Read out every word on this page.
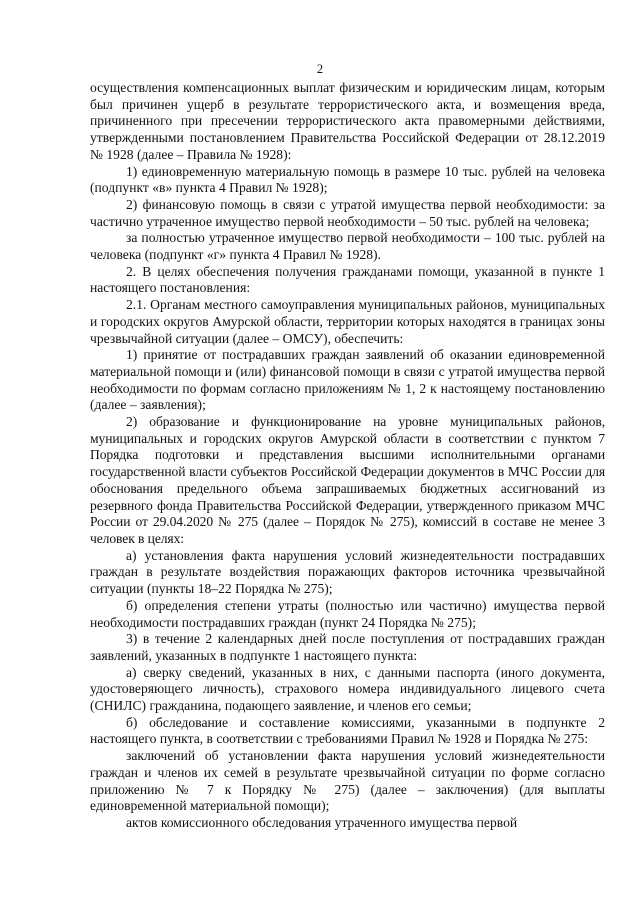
2

осуществления компенсационных выплат физическим и юридическим лицам, которым был причинен ущерб в результате террористического акта, и возмещения вреда, причиненного при пресечении террористического акта правомерными действиями, утвержденными постановлением Правительства Российской Федерации от 28.12.2019 № 1928 (далее – Правила № 1928):

1) единовременную материальную помощь в размере 10 тыс. рублей на человека (подпункт «в» пункта 4 Правил № 1928);

2) финансовую помощь в связи с утратой имущества первой необходимости: за частично утраченное имущество первой необходимости – 50 тыс. рублей на человека;

за полностью утраченное имущество первой необходимости – 100 тыс. рублей на человека (подпункт «г» пункта 4 Правил № 1928).

2. В целях обеспечения получения гражданами помощи, указанной в пункте 1 настоящего постановления:

2.1. Органам местного самоуправления муниципальных районов, муниципальных и городских округов Амурской области, территории которых находятся в границах зоны чрезвычайной ситуации (далее – ОМСУ), обеспечить:

1) принятие от пострадавших граждан заявлений об оказании единовременной материальной помощи и (или) финансовой помощи в связи с утратой имущества первой необходимости по формам согласно приложениям № 1, 2 к настоящему постановлению (далее – заявления);

2) образование и функционирование на уровне муниципальных районов, муниципальных и городских округов Амурской области в соответствии с пунктом 7 Порядка подготовки и представления высшими исполнительными органами государственной власти субъектов Российской Федерации документов в МЧС России для обоснования предельного объема запрашиваемых бюджетных ассигнований из резервного фонда Правительства Российской Федерации, утвержденного приказом МЧС России от 29.04.2020 № 275 (далее – Порядок № 275), комиссий в составе не менее 3 человек в целях:

а) установления факта нарушения условий жизнедеятельности пострадавших граждан в результате воздействия поражающих факторов источника чрезвычайной ситуации (пункты 18–22 Порядка № 275);

б) определения степени утраты (полностью или частично) имущества первой необходимости пострадавших граждан (пункт 24 Порядка № 275);

3) в течение 2 календарных дней после поступления от пострадавших граждан заявлений, указанных в подпункте 1 настоящего пункта:

а) сверку сведений, указанных в них, с данными паспорта (иного документа, удостоверяющего личность), страхового номера индивидуального лицевого счета (СНИЛС) гражданина, подающего заявление, и членов его семьи;

б) обследование и составление комиссиями, указанными в подпункте 2 настоящего пункта, в соответствии с требованиями Правил № 1928 и Порядка № 275:

заключений об установлении факта нарушения условий жизнедеятельности граждан и членов их семей в результате чрезвычайной ситуации по форме согласно приложению № 7 к Порядку № 275) (далее – заключения) (для выплаты единовременной материальной помощи);

актов комиссионного обследования утраченного имущества первой
